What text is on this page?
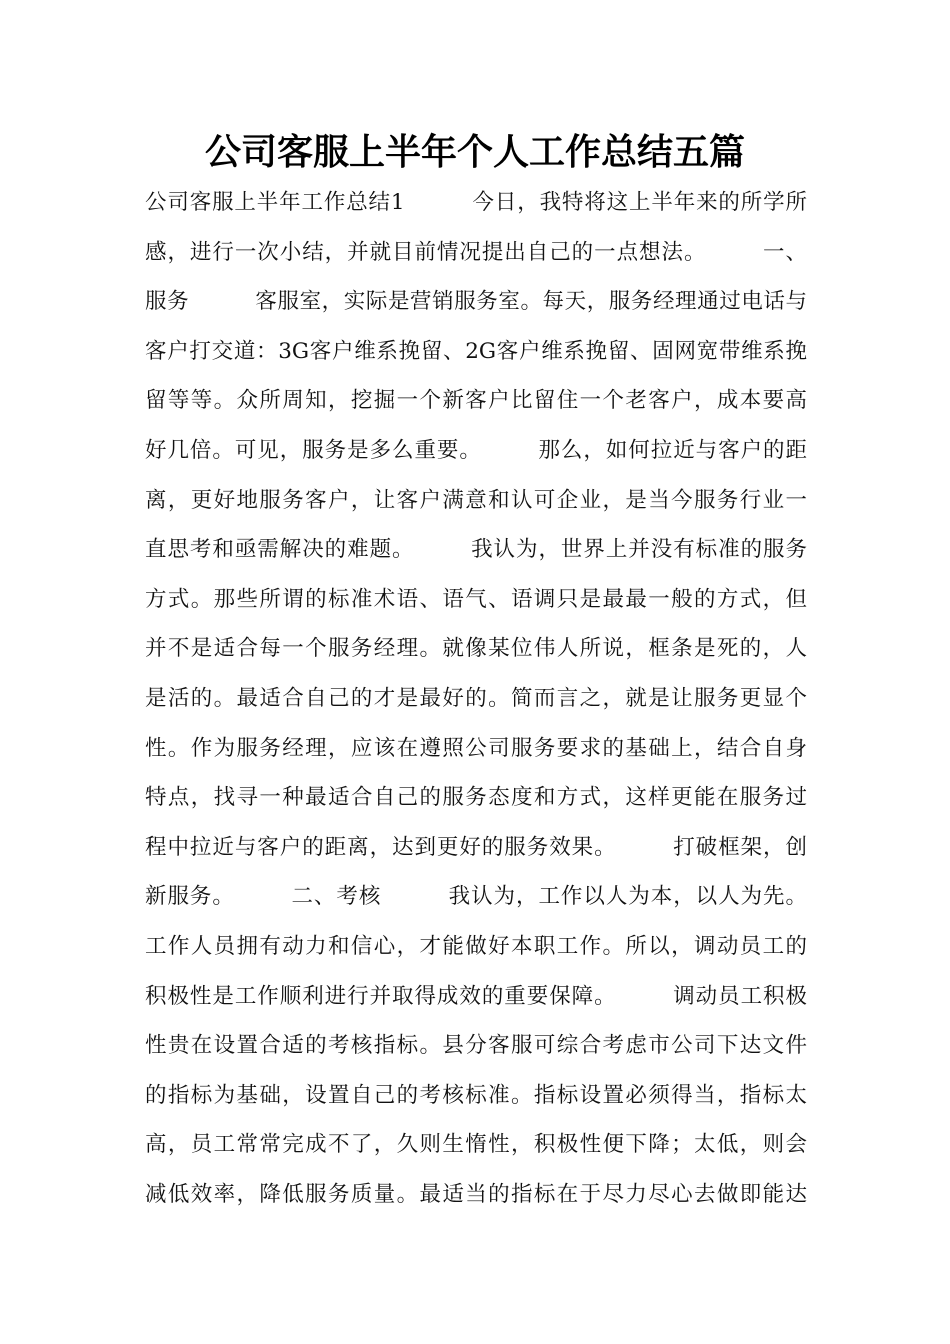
公司客服上半年个人工作总结五篇
公司客服上半年工作总结1　　　今日，我特将这上半年来的所学所
感，进行一次小结，并就目前情况提出自己的一点想法。　　　一、
服务　　　客服室，实际是营销服务室。每天，服务经理通过电话与
客户打交道：3G客户维系挽留、2G客户维系挽留、固网宽带维系挽
留等等。众所周知，挖掘一个新客户比留住一个老客户，成本要高
好几倍。可见，服务是多么重要。　　　那么，如何拉近与客户的距
离，更好地服务客户，让客户满意和认可企业，是当今服务行业一
直思考和亟需解决的难题。　　　我认为，世界上并没有标准的服务
方式。那些所谓的标准术语、语气、语调只是最最一般的方式，但
并不是适合每一个服务经理。就像某位伟人所说，框条是死的，人
是活的。最适合自己的才是最好的。简而言之，就是让服务更显个
性。作为服务经理，应该在遵照公司服务要求的基础上，结合自身
特点，找寻一种最适合自己的服务态度和方式，这样更能在服务过
程中拉近与客户的距离，达到更好的服务效果。　　　打破框架，创
新服务。　　　二、考核　　　我认为，工作以人为本，以人为先。
工作人员拥有动力和信心，才能做好本职工作。所以，调动员工的
积极性是工作顺利进行并取得成效的重要保障。　　　调动员工积极
性贵在设置合适的考核指标。县分客服可综合考虑市公司下达文件
的指标为基础，设置自己的考核标准。指标设置必须得当，指标太
高，员工常常完成不了，久则生惰性，积极性便下降；太低，则会
减低效率，降低服务质量。最适当的指标在于尽力尽心去做即能达
